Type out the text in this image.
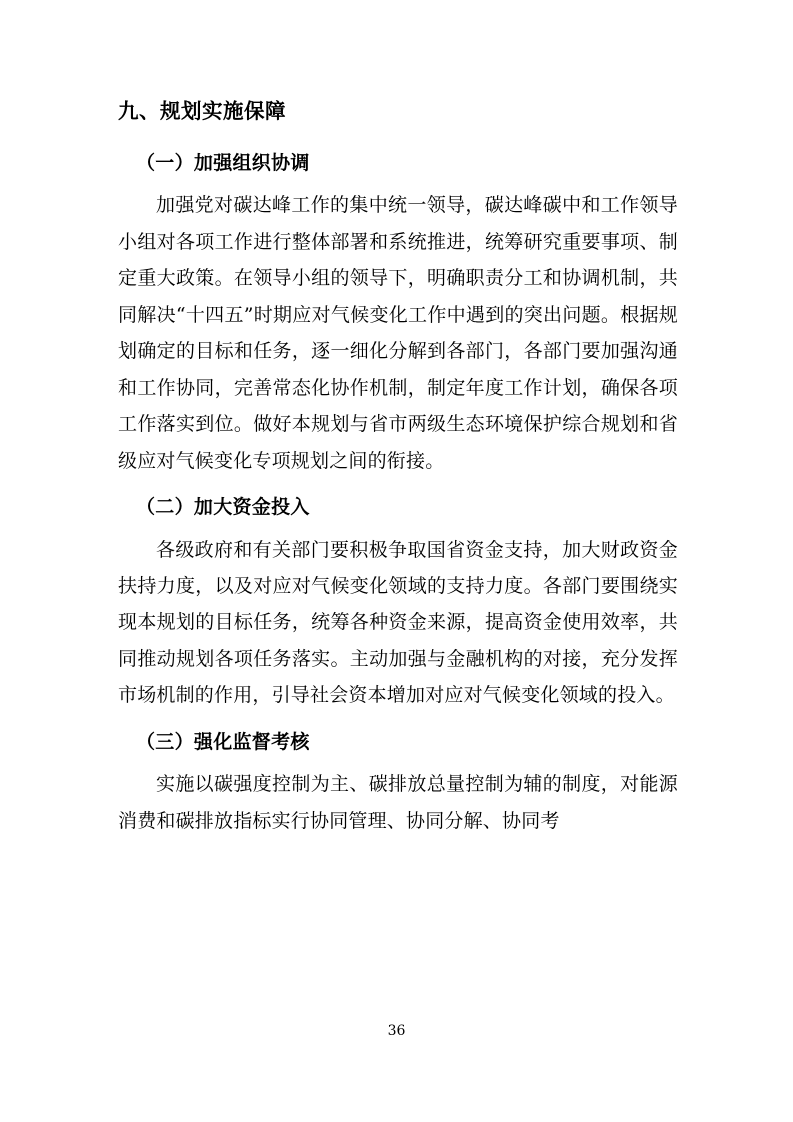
九、规划实施保障
（一）加强组织协调

加强党对碳达峰工作的集中统一领导，碳达峰碳中和工作领导小组对各项工作进行整体部署和系统推进，统筹研究重要事项、制定重大政策。在领导小组的领导下，明确职责分工和协调机制，共同解决“十四五”时期应对气候变化工作中遇到的突出问题。根据规划确定的目标和任务，逐一细化分解到各部门，各部门要加强沟通和工作协同，完善常态化协作机制，制定年度工作计划，确保各项工作落实到位。做好本规划与省市两级生态环境保护综合规划和省级应对气候变化专项规划之间的衔接。

（二）加大资金投入

各级政府和有关部门要积极争取国省资金支持，加大财政资金扶持力度，以及对应对气候变化领域的支持力度。各部门要围绕实现本规划的目标任务，统筹各种资金来源，提高资金使用效率，共同推动规划各项任务落实。主动加强与金融机构的对接，充分发挥市场机制的作用，引导社会资本增加对应对气候变化领域的投入。

（三）强化监督考核

实施以碳强度控制为主、碳排放总量控制为辅的制度，对能源消费和碳排放指标实行协同管理、协同分解、协同考

36
